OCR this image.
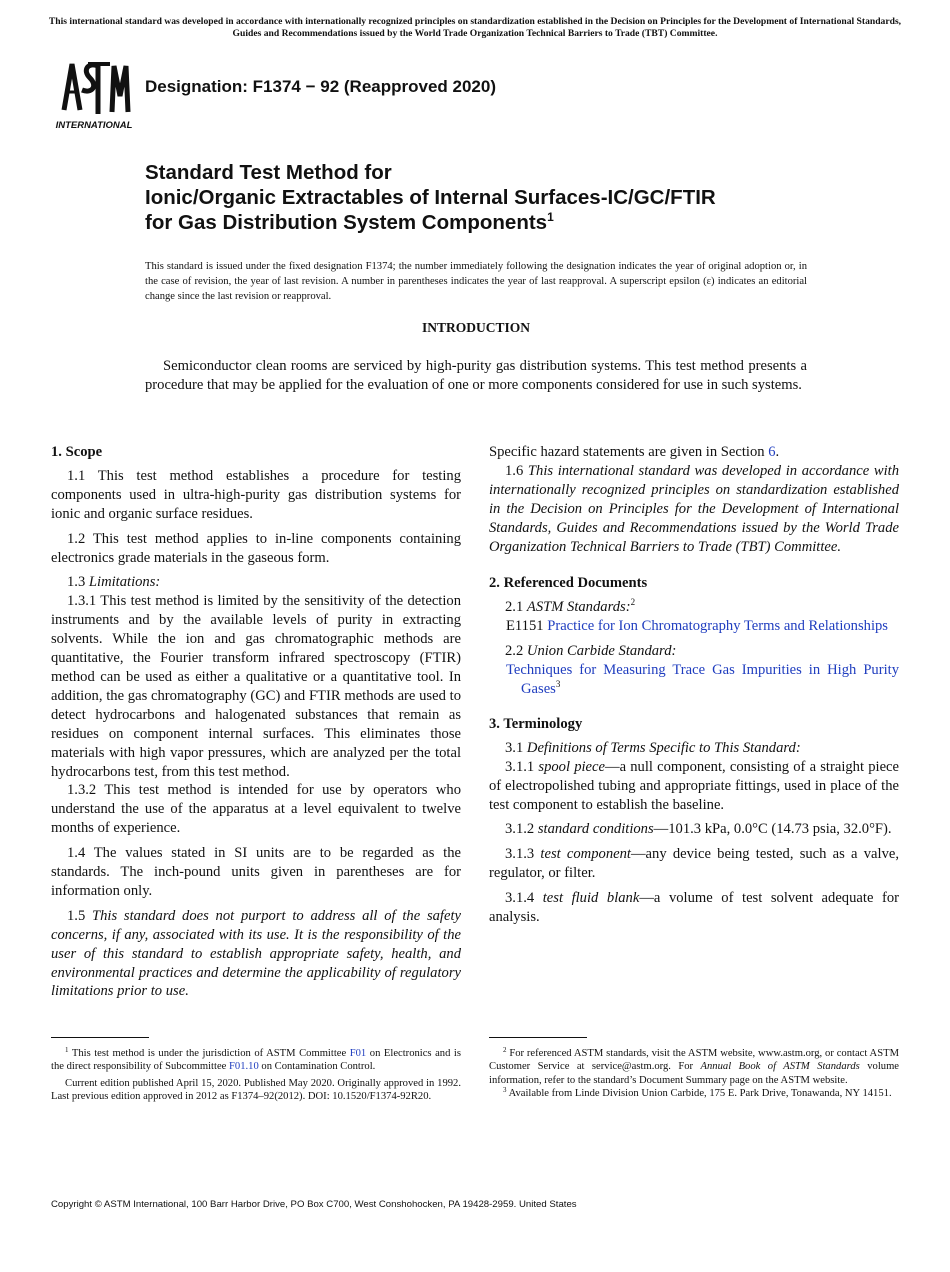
This international standard was developed in accordance with internationally recognized principles on standardization established in the Decision on Principles for the Development of International Standards, Guides and Recommendations issued by the World Trade Organization Technical Barriers to Trade (TBT) Committee.
INTERNATIONAL
Designation: F1374 − 92 (Reapproved 2020)
Standard Test Method for
Ionic/Organic Extractables of Internal Surfaces-IC/GC/FTIR
for Gas Distribution System Components$^1$
This standard is issued under the fixed designation F1374; the number immediately following the designation indicates the year of original adoption or, in the case of revision, the year of last revision. A number in parentheses indicates the year of last reapproval. A superscript epsilon (ε) indicates an editorial change since the last revision or reapproval.
INTRODUCTION
Semiconductor clean rooms are serviced by high-purity gas distribution systems. This test method presents a procedure that may be applied for the evaluation of one or more components considered for use in such systems.
1. Scope

1.1 This test method establishes a procedure for testing components used in ultra-high-purity gas distribution systems for ionic and organic surface residues.

1.2 This test method applies to in-line components containing electronics grade materials in the gaseous form.

1.3 Limitations:

1.3.1 This test method is limited by the sensitivity of the detection instruments and by the available levels of purity in extracting solvents. While the ion and gas chromatographic methods are quantitative, the Fourier transform infrared spectroscopy (FTIR) method can be used as either a qualitative or a quantitative tool. In addition, the gas chromatography (GC) and FTIR methods are used to detect hydrocarbons and halogenated substances that remain as residues on component internal surfaces. This eliminates those materials with high vapor pressures, which are analyzed per the total hydrocarbons test, from this test method.

1.3.2 This test method is intended for use by operators who understand the use of the apparatus at a level equivalent to twelve months of experience.

1.4 The values stated in SI units are to be regarded as the standards. The inch-pound units given in parentheses are for information only.

1.5 This standard does not purport to address all of the safety concerns, if any, associated with its use. It is the responsibility of the user of this standard to establish appropriate safety, health, and environmental practices and determine the applicability of regulatory limitations prior to use.

Specific hazard statements are given in Section 6.

1.6 This international standard was developed in accordance with internationally recognized principles on standardization established in the Decision on Principles for the Development of International Standards, Guides and Recommendations issued by the World Trade Organization Technical Barriers to Trade (TBT) Committee.

2. Referenced Documents

2.1 ASTM Standards:$^2$

E1151 Practice for Ion Chromatography Terms and Relationships

2.2 Union Carbide Standard:

Techniques for Measuring Trace Gas Impurities in High Purity Gases$^3$

3. Terminology

3.1 Definitions of Terms Specific to This Standard:

3.1.1 spool piece—a null component, consisting of a straight piece of electropolished tubing and appropriate fittings, used in place of the test component to establish the baseline.

3.1.2 standard conditions—101.3 kPa, 0.0°C (14.73 psia, 32.0°F).

3.1.3 test component—any device being tested, such as a valve, regulator, or filter.

3.1.4 test fluid blank—a volume of test solvent adequate for analysis.

$^1$ This test method is under the jurisdiction of ASTM Committee F01 on Electronics and is the direct responsibility of Subcommittee F01.10 on Contamination Control.

Current edition published April 15, 2020. Published May 2020. Originally approved in 1992. Last previous edition approved in 2012 as F1374–92(2012). DOI: 10.1520/F1374-92R20.

$^2$ For referenced ASTM standards, visit the ASTM website, www.astm.org, or contact ASTM Customer Service at service@astm.org. For Annual Book of ASTM Standards volume information, refer to the standard’s Document Summary page on the ASTM website.

$^3$ Available from Linde Division Union Carbide, 175 E. Park Drive, Tonawanda, NY 14151.

Copyright © ASTM International, 100 Barr Harbor Drive, PO Box C700, West Conshohocken, PA 19428-2959. United States
